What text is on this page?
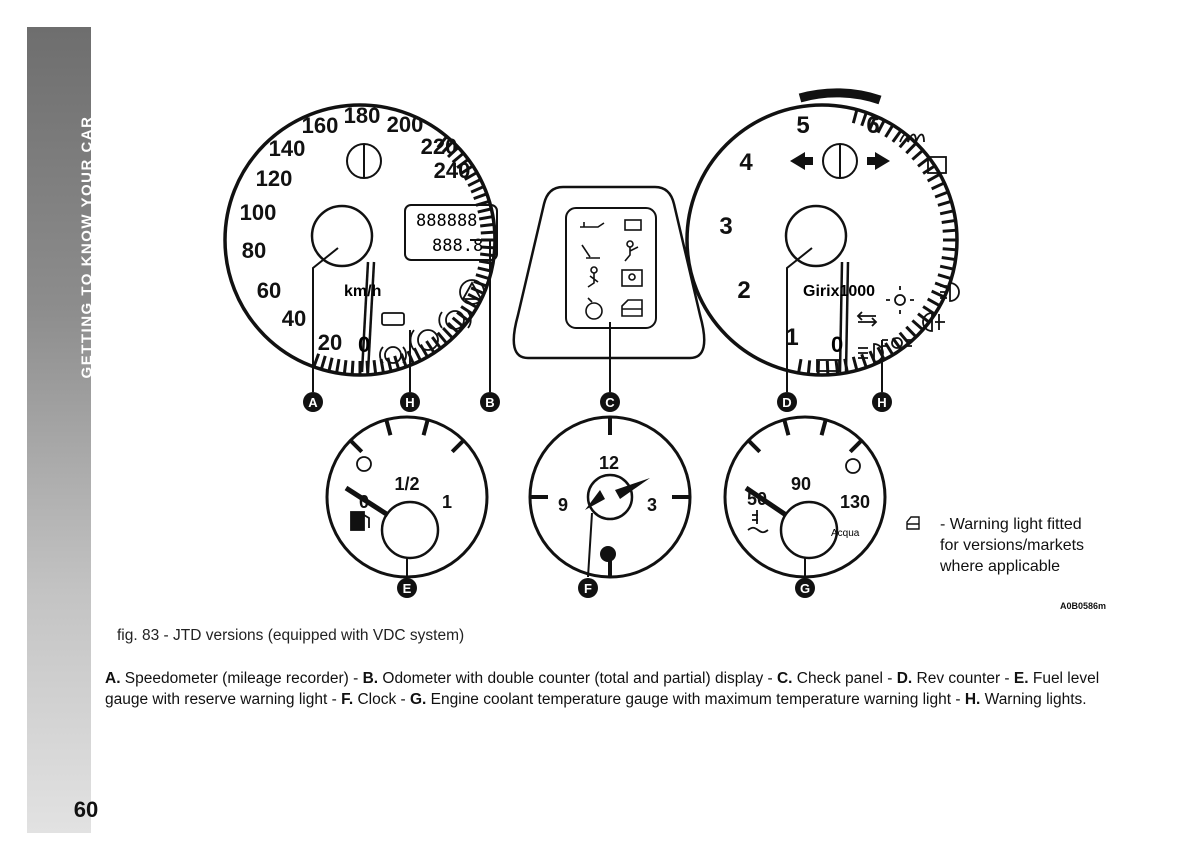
GETTING TO KNOW YOUR CAR
60
20
40
60
80
100
120
140
160 180 200
220
240
1
2
3
4
5 6
0
1/2
1
12
3
9	50
90
130
km/h
0
888888
888.8
Girix1000
0
Acqua
A	H	B	C	D	H
E	F	G
- Warning light fitted
for versions/markets
where applicable
A0B0586m
fig. 83 - JTD versions (equipped with VDC system)
A. Speedometer (mileage recorder) - B. Odometer with double counter (total and partial) display - C. Check panel - D. Rev counter - E. Fuel level gauge with reserve warning light - F. Clock - G. Engine coolant temperature gauge with maximum temperature warning light - H. Warning lights.
